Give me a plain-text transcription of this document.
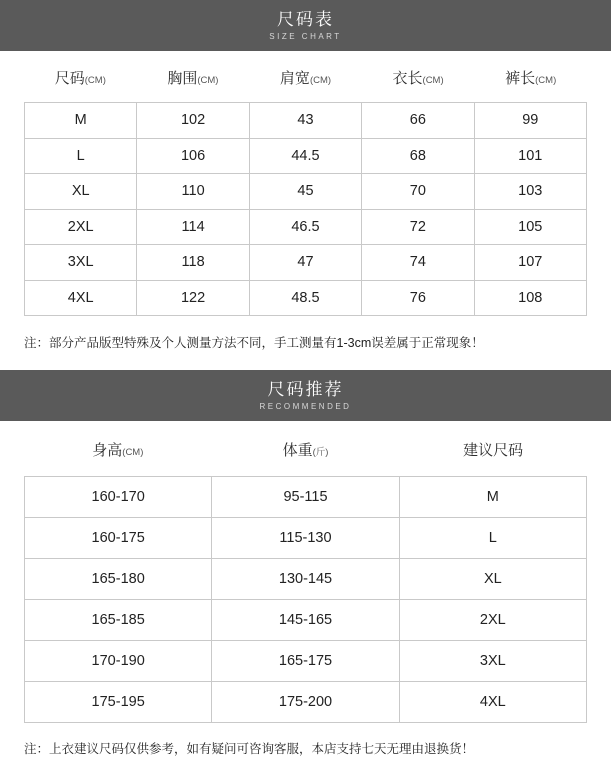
尺码表
SIZE CHART
尺码(CM)	胸围(CM)	肩宽(CM)	衣长(CM)	裤长(CM)
M	102	43	66	99
L	106	44.5	68	101
XL	110	45	70	103
2XL	114	46.5	72	105
3XL	118	47	74	107
4XL	122	48.5	76	108
注：部分产品版型特殊及个人测量方法不同，手工测量有1-3cm误差属于正常现象！
尺码推荐
RECOMMENDED
身高(CM)	体重(斤)	建议尺码
160-170	95-115	M
160-175	115-130	L
165-180	130-145	XL
165-185	145-165	2XL
170-190	165-175	3XL
175-195	175-200	4XL
注：上衣建议尺码仅供参考，如有疑问可咨询客服，本店支持七天无理由退换货！
